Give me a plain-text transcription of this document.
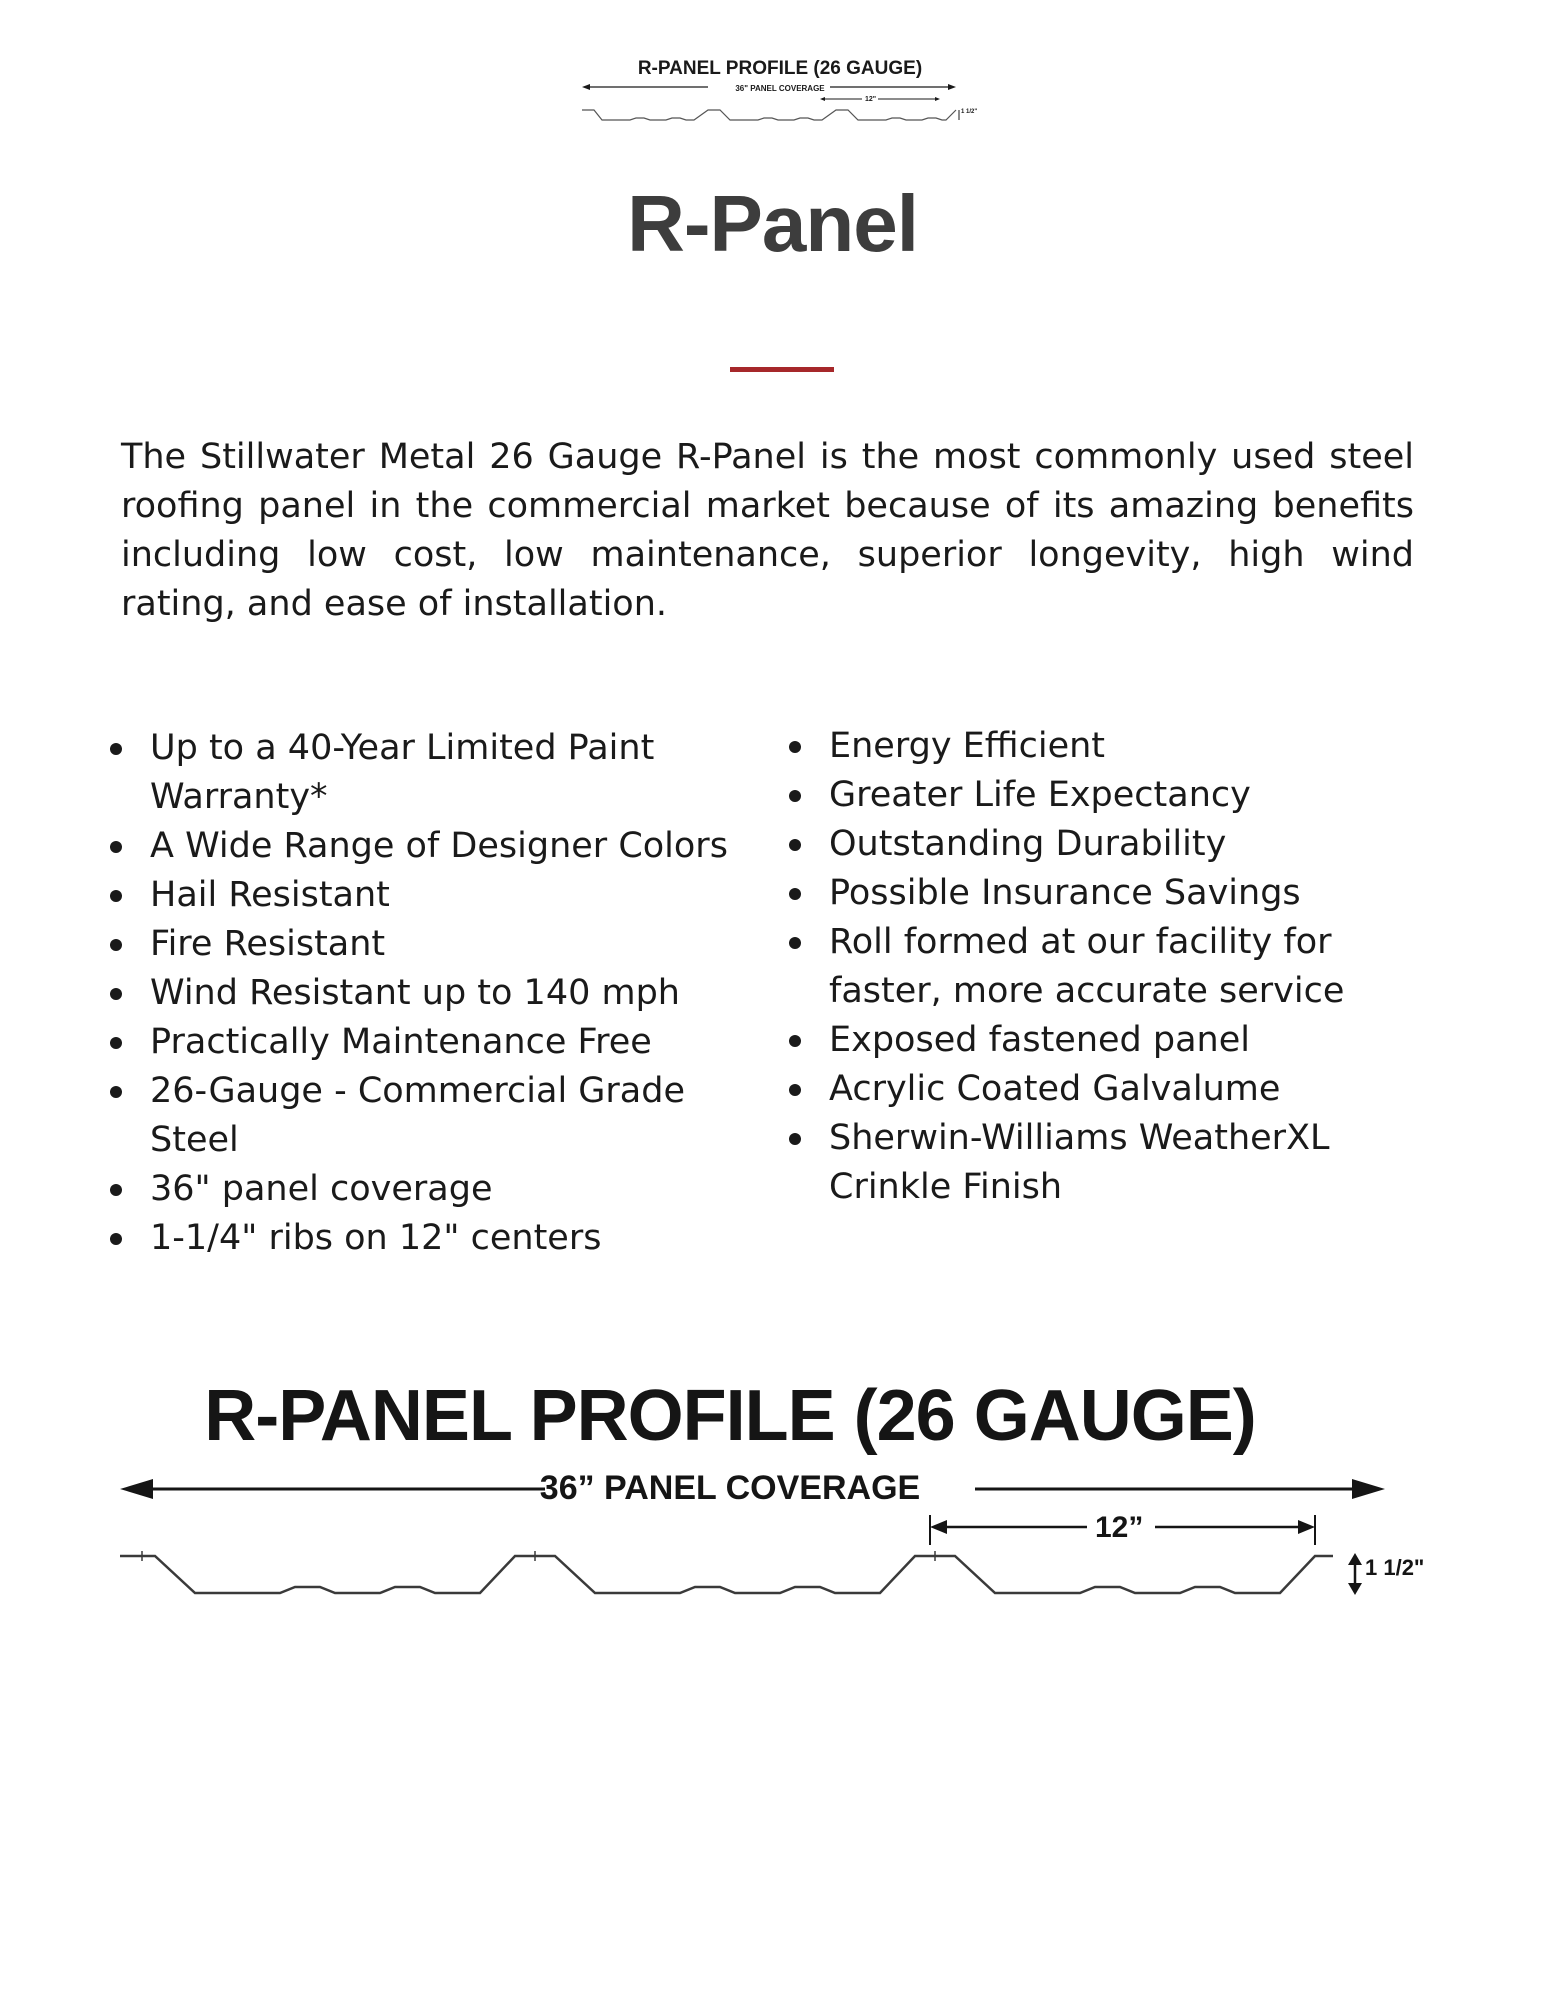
R-PANEL PROFILE (26 GAUGE)
36" PANEL COVERAGE
12"
1 1/2"
R-Panel

The Stillwater Metal 26 Gauge R-Panel is the most commonly used steel roofing panel in the commercial market because of its amazing benefits including low cost, low maintenance, superior longevity, high wind rating, and ease of installation.

Up to a 40-Year Limited Paint Warranty*
A Wide Range of Designer Colors
Hail Resistant
Fire Resistant
Wind Resistant up to 140 mph
Practically Maintenance Free
26-Gauge - Commercial Grade Steel
36" panel coverage
1-1/4" ribs on 12" centers
Energy Efficient
Greater Life Expectancy
Outstanding Durability
Possible Insurance Savings
Roll formed at our facility for faster, more accurate service
Exposed fastened panel
Acrylic Coated Galvalume
Sherwin-Williams WeatherXL Crinkle Finish
R-PANEL PROFILE (26 GAUGE)
36” PANEL COVERAGE
12”
1 1/2"
